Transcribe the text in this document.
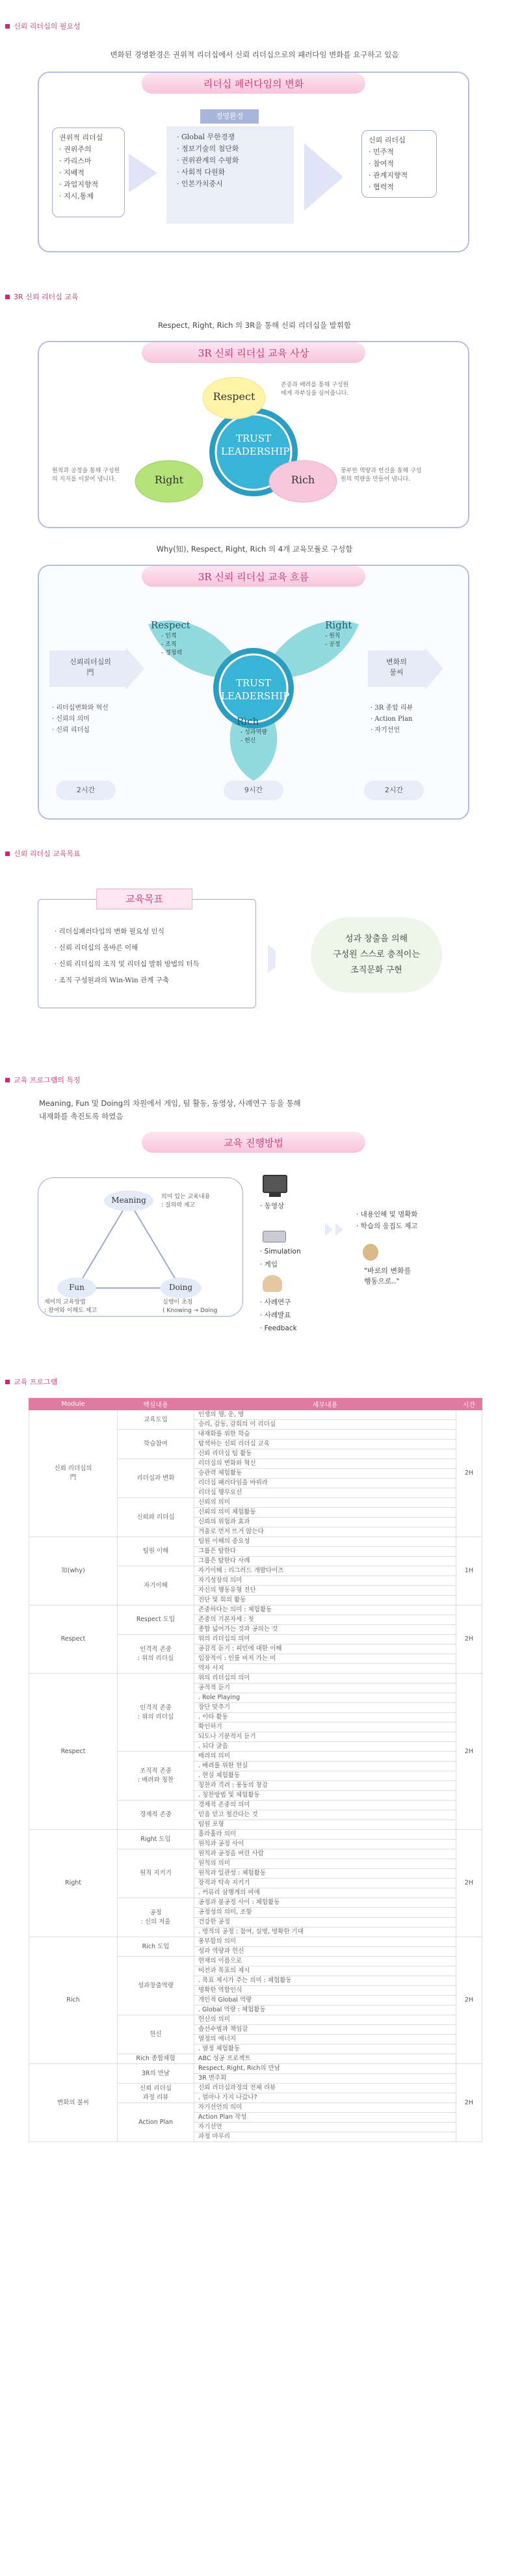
신뢰 리더십의 필요성
변화된 경영환경은 권위적 리더십에서 신뢰 리더십으로의 패러다임 변화를 요구하고 있음
리더십 페러다임의 변화
권위적 리더십
· 권위주의
· 카리스마
· 지배적
· 과업지향적
· 지시,통제
경영환경
· Global 무한경쟁
· 정보기술의 첨단화
· 권위관계의 수평화
· 사회적 다원화
· 인본가치중시
신뢰 리더십
· 민주적
· 참여적
· 관계지향적
· 협력적
3R 신뢰 리더십 교육
Respect, Right, Rich 의 3R을 통해 신뢰 리더십을 발휘함
3R 신뢰 리더십 교육 사상
Respect
Right	Rich
TRUST
LEADERSHIP
존중과 배려를 통해 구성원에게 자부심을 심어줍니다.
원칙과 공정을 통해 구성원의 지지를 이끌어 냅니다.
풍부한 역량과 헌신을 통해 구성원의 역량을 만들어 냅니다.
Why(知), Respect, Right, Rich 의 4개 교육모듈로 구성함
3R 신뢰 리더십 교육 흐름
신뢰리더십의
門
· 리더십변화와 혁신
· 신뢰의 의미
· 신뢰 리더십
Respect
- 인격
- 조직
- 경청력
Right
- 원칙
- 공정
Rich
- 성과역량
- 헌신
TRUST
LEADERSHIP
변화의
물씨
· 3R 종합 리뷰
· Action Plan
· 자기선언
2시간	9시간	2시간
신뢰 리더십 교육목표
교육목표
· 리더십패러다임의 변화 필요성 인식
· 신뢰 리더십의 올바른 이해
· 신뢰 리더십의 조직 및 리더십 발휘 방법의 터득
· 조직 구성원과의 Win-Win 관계 구축
성과 창출을 의해
구성원 스스로 충적이는
조직문화 구현
교육 프로그램의 특징
Meaning, Fun 및 Doing의 차원에서 게임, 팀 활동, 동영상, 사례연구 등을 통해
내재화를 촉진토록 하였음
교육 진행방법
Meaning
Fun	Doing
의미 있는 교육내용
: 질의력 제고
재미의 교육방법
: 참여와 이해도 제고
실행이 초점
( Knowing → Doing
· 동영상
· Simulation
· 게임
· 사례연구
· 사례발표
· Feedback
· 내용인해 및 명확화
· 학습의 응집도 제고
"바로의 변화를
행동으로.."
교육 프로그램
Module	핵심내용	세부내용	시간
신뢰 리더십의
門	교육도입	인생의 행, 운, 명	2H
		승리, 감동, 감회의 이 리더십	
	학습참여	내재화를 위한 학습	
		탐색하는 신뢰 리더십 교육	
		신뢰 리더십 팀 활동	
	리더십과 변화	리더십의 변화와 혁신	
		승관력 체험활동	
		리더십 패러다임을 바꿔라	
		리더십 행무요선	
	신뢰와 리더십	신뢰의 의미	
		신뢰의 의미 체험활동	
		신뢰의 위험과 효과	
		겨울로 먼저 뜨거 않는다	
知(why)	팀원 이해	팀원 이해의 중요성	1H
		그룹은 탐한다	
		그룹은 탐한다 사례	
	자기이해	자기이해 : 리그러드 개발다이즈	
		자기성장의 의미	
		자신의 행동유형 진단	
		진단 및 회의 활동	
Respect	Respect 도입	존중하다는 의미 : 체험활동	2H
		존중의 기본자세 : 첫	
		종합 넓어가는 것과 공의는 것	
	인격적 존중
: 위의 리더십	위의 리더십의 의미	
		공감적 듣기 : 피민에 대한 이해	
		입장적이 : 인를 비저 가는 비	
		역자 사지	
Respect	인격적 존중
: 위의 리더십	위의 리더십의 의미	2H
		공적적 듣기	
		. Role Playing	
		장단 맞추기	
		. 이타 활동	
		확인하기	
		되도나 기분적지 듣기	
		. 되다 글음	
	조직적 존중
: 배려와 칭찬	배려의 의미	
		. 배려를 위한 현실	
		. 현실 체험활동	
		칭찬과 격려 : 풍동의 창감	
		. 칭찬방법 및 체험활동	
	경제적 존중	경제적 존중의 의미	
		믿음 믿고 철간다는 것	
		팀원 포형	
Right	Right 도입	홀라훌라 의미	2H
		원칙과 공정 사이	
	원칙 지키기	원칙과 공정을 버린 사람	
		원칙의 의미	
		원칙과 일관성 : 체험활동	
		장적과 탁속 지키기	
		. 커뮤리 삼행계의 비애	
	공정
: 신의 저울	공정과 불공정 사이 : 체험활동	
		공정성의 의미, 조항	
		건강한 공정	
		. 명적의 공정 : 참여, 설명, 명확한 기대	
Rich	Rich 도입	풍부함의 의미	2H
		성과 역량과 헌신	
	성과창출역량	현재의 이름으로	
		비전과 목표의 제시	
		. 목표 제시가 주는 의미 : 체험활동	
		명확한 역할인식	
		개인적 Global 역량	
		. Global 역량 : 체험활동	
	헌신	헌신의 의미	
		솔선수범과 책임감	
		열정의 에너지	
		. 열정 체험활동	
	Rich 종합체험	ABC 성공 프로젝트	
변화의 불씨	3R의 만남	Respect, Right, Rich의 만남	2H
		3R 면주회	
	신뢰 리더십
과정 리뷰	신뢰 리더십과정의 전체 리뷰	
		. 얼마나 가지 나갔나?	
	Action Plan	자기선언의 의미	
		Action Plan 작성	
		자기선언	
		과정 마무리	
